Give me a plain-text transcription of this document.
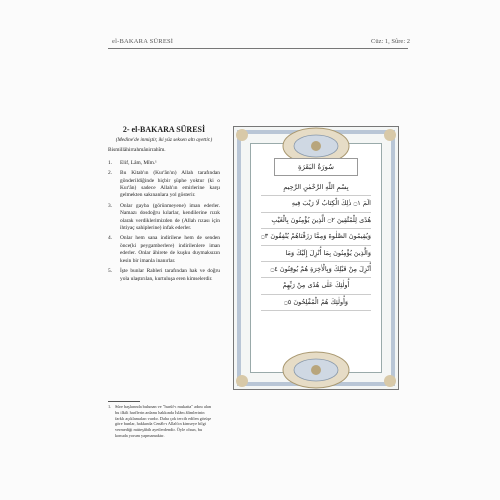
el-BAKARA SÜRESİ	Cüz: 1, Sûre: 2
2- el-BAKARA SÜRESİ
(Medine'de inmiştir, iki yüz seksen altı ayettir.)
Bismillâhirrahmânirrahîm.
1.	Elif, Lâm, Mîm.¹
2.	Bu Kitab'ın (Kur'ân'ın) Allah tarafından gönderildiğinde hiçbir şüphe yoktur (ki o Kur'ân) sadece Allah'ın emirlerine karşı gelmekten sakınanlara yol gösterir.
3.	Onlar gayba (görünmeyene) iman ederler. Namazı dosdoğru kılarlar, kendilerine rızık olarak verdiklerimizden de (Allah rızası için ihtiyaç sahiplerine) infak ederler.
4.	Onlar hem sana indirilene hem de senden önce(ki peygamberlere) indirilenlere iman ederler. Onlar âhirete de kuşku duymaksızın kesin bir imanla inanırlar.
5.	İşte bunlar Rableri tarafından hak ve doğru yola ulaştırılan, kurtuluşa eren kimselerdir.
1. Sûre başlarında bulunan ve "hurûf-ı mukatta" adını alan bu ilkili harflerin anlamı hakkında İslâm âlimlerinin farklı açıklamaları vardır. Daha çok tercih edilen görüşe göre bunlar, hakkında Cenâb-ı Allah'ın kimseye bilgi vermediği müteşâbih ayetlerdendir. Öyle olsun, bu konuda yorum yapmamaktır.
سُورَةُ البَقَرَةِ
بِسْمِ اللّٰهِ الرَّحْمٰنِ الرَّحِيمِ
الٓمٓ ۝١ ذٰلِكَ الْكِتَابُ لَا رَيْبَ فِيهِ
هُدًى لِلْمُتَّقِينَ ۝٢ الَّذِينَ يُؤْمِنُونَ بِالْغَيْبِ
وَيُقِيمُونَ الصَّلٰوةَ وَمِمَّا رَزَقْنَاهُمْ يُنْفِقُونَ ۝٣
وَالَّذِينَ يُؤْمِنُونَ بِمَا أُنْزِلَ إِلَيْكَ وَمَا
أُنْزِلَ مِنْ قَبْلِكَ وَبِالْاٰخِرَةِ هُمْ يُوقِنُونَ ۝٤
أُولٰئِكَ عَلٰى هُدًى مِنْ رَبِّهِمْ
وَأُولٰئِكَ هُمُ الْمُفْلِحُونَ ۝٥
